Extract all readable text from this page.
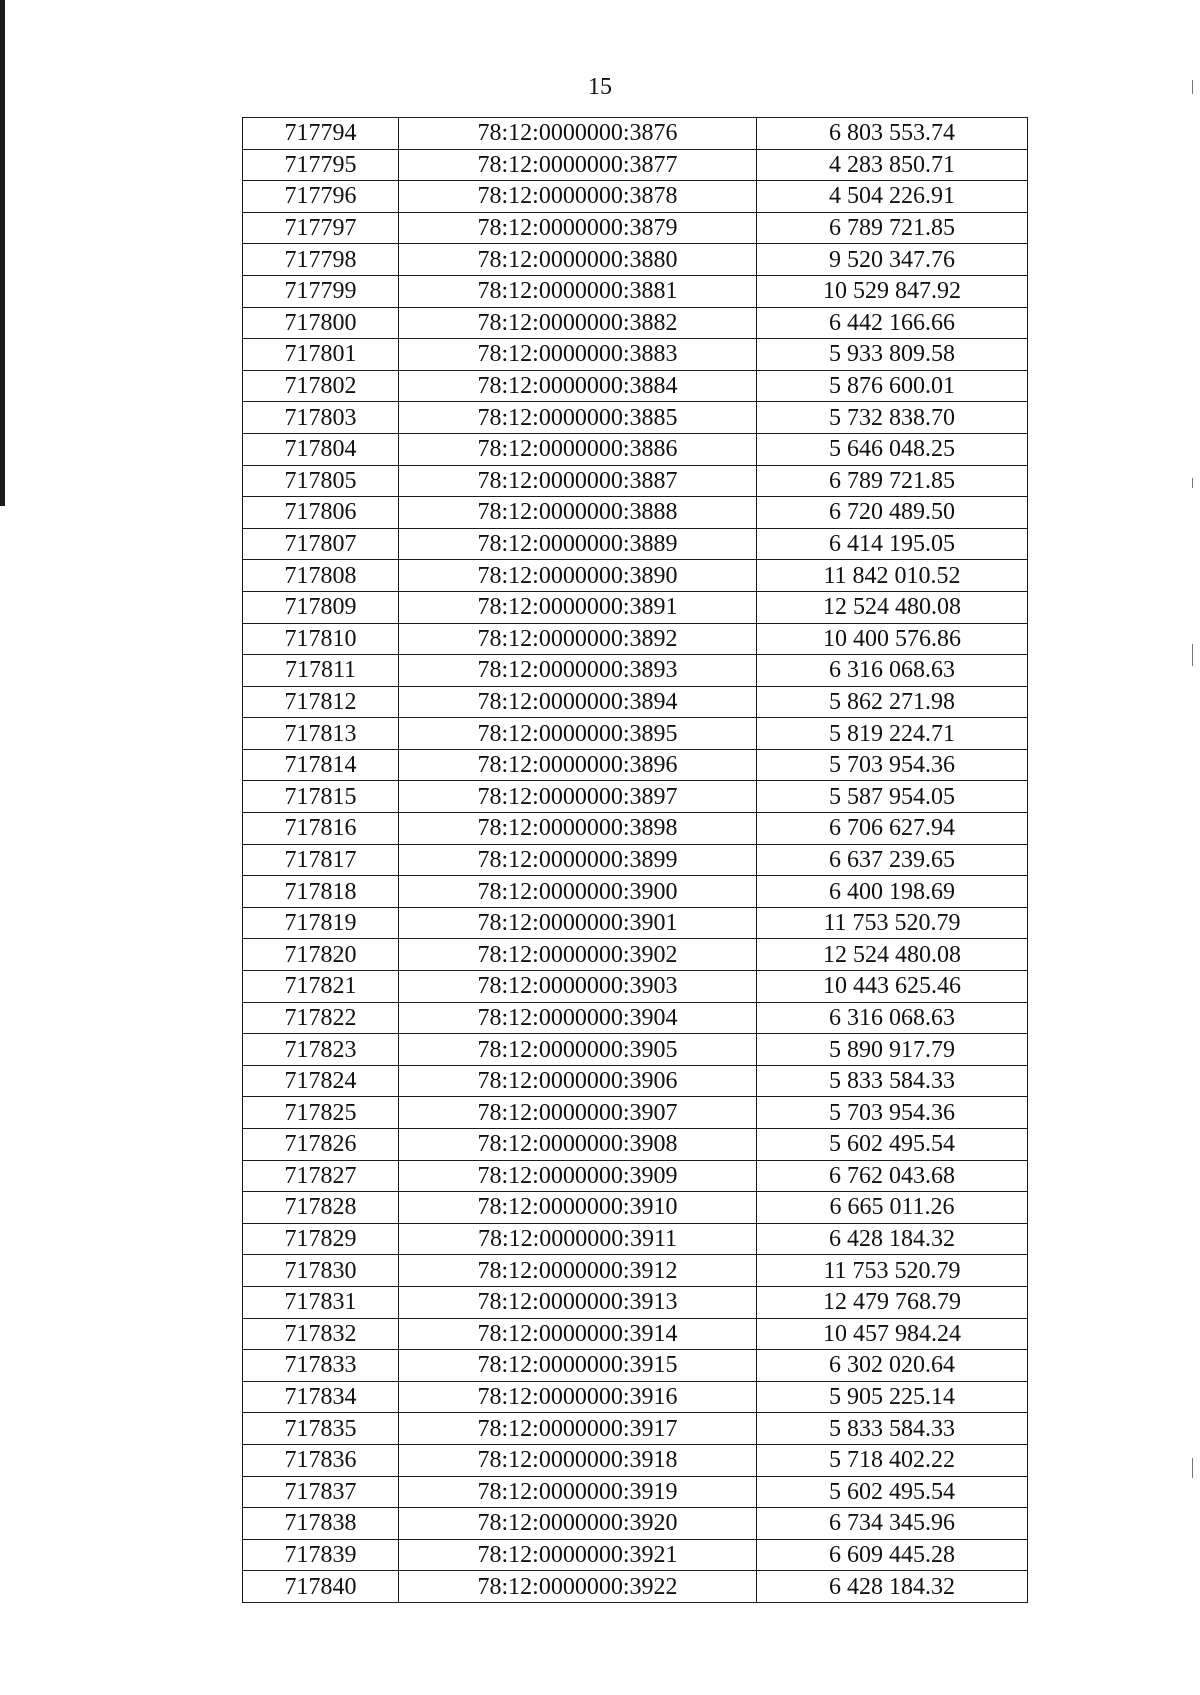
15
717794	78:12:0000000:3876	6 803 553.74
717795	78:12:0000000:3877	4 283 850.71
717796	78:12:0000000:3878	4 504 226.91
717797	78:12:0000000:3879	6 789 721.85
717798	78:12:0000000:3880	9 520 347.76
717799	78:12:0000000:3881	10 529 847.92
717800	78:12:0000000:3882	6 442 166.66
717801	78:12:0000000:3883	5 933 809.58
717802	78:12:0000000:3884	5 876 600.01
717803	78:12:0000000:3885	5 732 838.70
717804	78:12:0000000:3886	5 646 048.25
717805	78:12:0000000:3887	6 789 721.85
717806	78:12:0000000:3888	6 720 489.50
717807	78:12:0000000:3889	6 414 195.05
717808	78:12:0000000:3890	11 842 010.52
717809	78:12:0000000:3891	12 524 480.08
717810	78:12:0000000:3892	10 400 576.86
717811	78:12:0000000:3893	6 316 068.63
717812	78:12:0000000:3894	5 862 271.98
717813	78:12:0000000:3895	5 819 224.71
717814	78:12:0000000:3896	5 703 954.36
717815	78:12:0000000:3897	5 587 954.05
717816	78:12:0000000:3898	6 706 627.94
717817	78:12:0000000:3899	6 637 239.65
717818	78:12:0000000:3900	6 400 198.69
717819	78:12:0000000:3901	11 753 520.79
717820	78:12:0000000:3902	12 524 480.08
717821	78:12:0000000:3903	10 443 625.46
717822	78:12:0000000:3904	6 316 068.63
717823	78:12:0000000:3905	5 890 917.79
717824	78:12:0000000:3906	5 833 584.33
717825	78:12:0000000:3907	5 703 954.36
717826	78:12:0000000:3908	5 602 495.54
717827	78:12:0000000:3909	6 762 043.68
717828	78:12:0000000:3910	6 665 011.26
717829	78:12:0000000:3911	6 428 184.32
717830	78:12:0000000:3912	11 753 520.79
717831	78:12:0000000:3913	12 479 768.79
717832	78:12:0000000:3914	10 457 984.24
717833	78:12:0000000:3915	6 302 020.64
717834	78:12:0000000:3916	5 905 225.14
717835	78:12:0000000:3917	5 833 584.33
717836	78:12:0000000:3918	5 718 402.22
717837	78:12:0000000:3919	5 602 495.54
717838	78:12:0000000:3920	6 734 345.96
717839	78:12:0000000:3921	6 609 445.28
717840	78:12:0000000:3922	6 428 184.32
